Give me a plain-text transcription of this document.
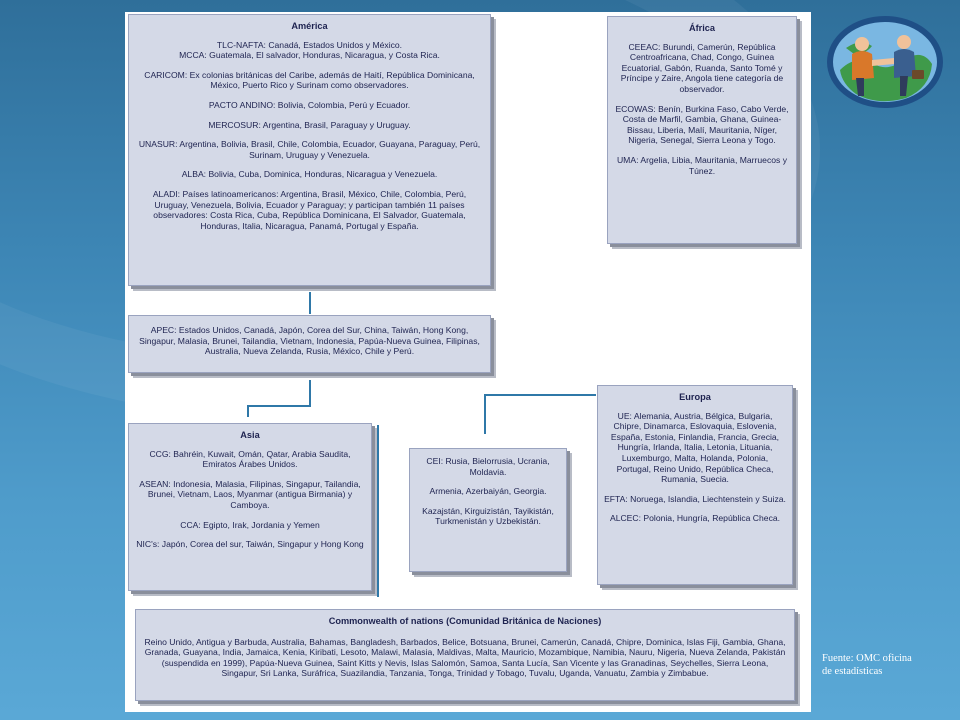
América

TLC-NAFTA: Canadá, Estados Unidos y México.
MCCA: Guatemala, El salvador, Honduras, Nicaragua, y Costa Rica.

CARICOM: Ex colonias británicas del Caribe, además de Haití, República Dominicana, México, Puerto Rico y Surinam como observadores.

PACTO ANDINO: Bolivia, Colombia, Perú y Ecuador.

MERCOSUR: Argentina, Brasil, Paraguay y Uruguay.

UNASUR: Argentina, Bolivia, Brasil, Chile, Colombia, Ecuador, Guayana, Paraguay, Perú, Surinam, Uruguay y Venezuela.

ALBA: Bolivia, Cuba, Dominica, Honduras, Nicaragua y Venezuela.

ALADI: Países latinoamericanos: Argentina, Brasil, México, Chile, Colombia, Perú, Uruguay, Venezuela, Bolivia, Ecuador y Paraguay; y participan también 11 países observadores: Costa Rica, Cuba, República Dominicana, El Salvador, Guatemala, Honduras, Italia, Nicaragua, Panamá, Portugal y España.

África

CEEAC: Burundi, Camerún, República Centroafricana, Chad, Congo, Guinea Ecuatorial, Gabón, Ruanda, Santo Tomé y Príncipe y Zaire, Angola tiene categoría de observador.

ECOWAS: Benín, Burkina Faso, Cabo Verde, Costa de Marfil, Gambia, Ghana, Guinea-Bissau, Liberia, Malí, Mauritania, Níger, Nigeria, Senegal, Sierra Leona y Togo.

UMA: Argelia, Libia, Mauritania, Marruecos y Túnez.

APEC: Estados Unidos, Canadá, Japón, Corea del Sur, China, Taiwán, Hong Kong, Singapur, Malasia, Brunei, Tailandia, Vietnam, Indonesia, Papúa-Nueva Guinea, Filipinas, Australia, Nueva Zelanda, Rusia, México, Chile y Perú.

Asia

CCG: Bahréin, Kuwait, Omán, Qatar, Arabia Saudita, Emiratos Árabes Unidos.

ASEAN: Indonesia, Malasia, Filipinas, Singapur, Tailandia, Brunei, Vietnam, Laos, Myanmar (antigua Birmania) y Camboya.

CCA: Egipto, Irak, Jordania y Yemen

NIC's: Japón, Corea del sur, Taiwán, Singapur y Hong Kong

CEI: Rusia, Bielorrusia, Ucrania, Moldavia.

Armenia, Azerbaiyán, Georgia.

Kazajstán, Kirguizistán, Tayikistán, Turkmenistán y Uzbekistán.

Europa

UE: Alemania, Austria, Bélgica, Bulgaria, Chipre, Dinamarca, Eslovaquia, Eslovenia, España, Estonia, Finlandia, Francia, Grecia, Hungría, Irlanda, Italia, Letonia, Lituania, Luxemburgo, Malta, Holanda, Polonia, Portugal, Reino Unido, República Checa, Rumania, Suecia.

EFTA: Noruega, Islandia, Liechtenstein y Suiza.

ALCEC: Polonia, Hungría, República Checa.

Commonwealth of nations (Comunidad Británica de Naciones)

Reino Unido, Antigua y Barbuda, Australia, Bahamas, Bangladesh, Barbados, Belice, Botsuana, Brunei, Camerún, Canadá, Chipre, Dominica, Islas Fiji, Gambia, Ghana, Granada, Guayana, India, Jamaica, Kenia, Kiribati, Lesoto, Malawi, Malasia, Maldivas, Malta, Mauricio, Mozambique, Namibia, Nauru, Nigeria, Nueva Zelanda, Pakistán (suspendida en 1999), Papúa-Nueva Guinea, Saint Kitts y Nevis, Islas Salomón, Samoa, Santa Lucía, San Vicente y las Granadinas, Seychelles, Sierra Leona, Singapur, Sri Lanka, Suráfrica, Suazilandia, Tanzania, Tonga, Trinidad y Tobago, Tuvalu, Uganda, Vanuatu, Zambia y Zimbabue.

Fuente: OMC oficina de estadísticas
